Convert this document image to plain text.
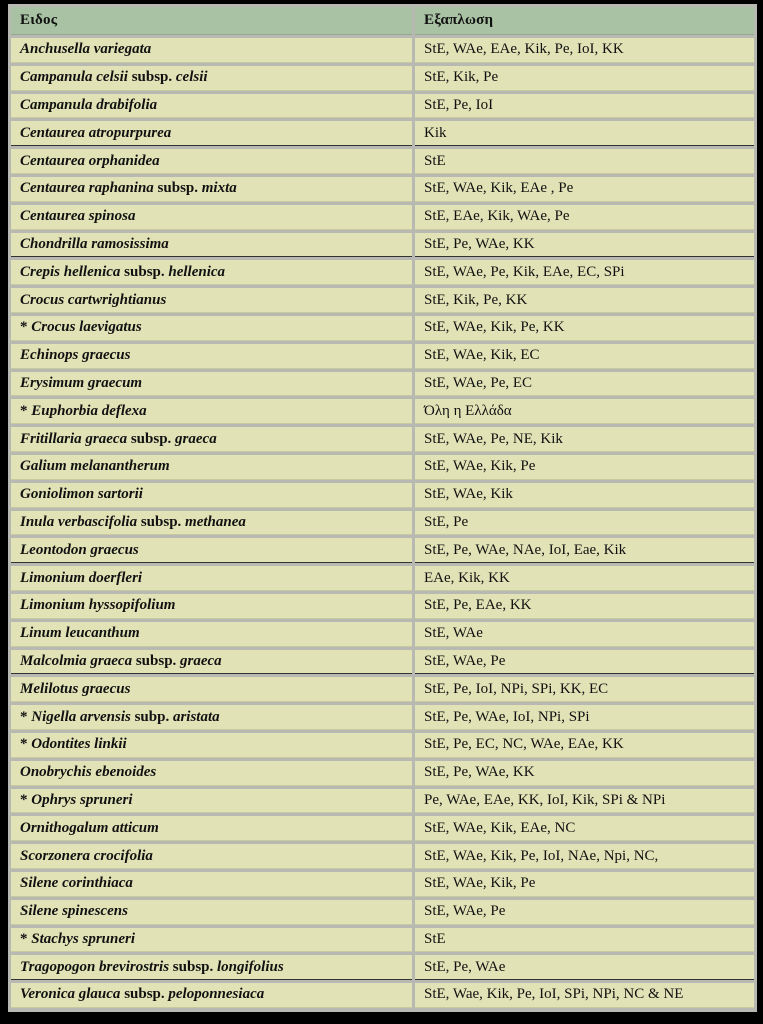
Ειδος	Εξαπλωση
Anchusella variegata	StE, WAe, EAe, Kik, Pe, IoI, KK
Campanula celsii subsp. celsii	StE, Kik, Pe
Campanula drabifolia	StE, Pe, IoI
Centaurea atropurpurea	Kik
Centaurea orphanidea	StE
Centaurea raphanina subsp. mixta	StE, WAe, Kik, EAe , Pe
Centaurea spinosa	StE, EAe, Kik, WAe, Pe
Chondrilla ramosissima	StE, Pe, WAe, KK
Crepis hellenica subsp. hellenica	StE, WAe, Pe, Kik, EAe, EC, SPi
Crocus cartwrightianus	StE, Kik, Pe, KK
* Crocus laevigatus	StE, WAe, Kik, Pe, KK
Echinops graecus	StE, WAe, Kik, EC
Erysimum graecum	StE, WAe, Pe, EC
* Euphorbia deflexa	Όλη η Ελλάδα
Fritillaria graeca subsp. graeca	StE, WAe, Pe, NE, Kik
Galium melanantherum	StE, WAe, Kik, Pe
Goniolimon sartorii	StE, WAe, Kik
Inula verbascifolia subsp. methanea	StE, Pe
Leontodon graecus	StE, Pe, WAe, NAe, IoI, Eae, Kik
Limonium doerfleri	EAe, Kik, KK
Limonium hyssopifolium	StE, Pe, EAe, KK
Linum leucanthum	StE, WAe
Malcolmia graeca subsp. graeca	StE, WAe, Pe
Melilotus graecus	StE, Pe, IoI, NPi, SPi, KK, EC
* Nigella arvensis subp. aristata	StE, Pe, WAe, IoI, NPi, SPi
* Odontites linkii	StE, Pe, EC, NC, WAe, EAe, KK
Onobrychis ebenoides	StE, Pe, WAe, KK
* Ophrys spruneri	Pe, WAe, EAe, KK, IoI, Kik, SPi & NPi
Ornithogalum atticum	StE, WAe, Kik, EAe, NC
Scorzonera crocifolia	StE, WAe, Kik, Pe, IoI, NAe, Npi, NC,
Silene corinthiaca	StE, WAe, Kik, Pe
Silene spinescens	StE, WAe, Pe
* Stachys spruneri	StE
Tragopogon brevirostris subsp. longifolius	StE, Pe, WAe
Veronica glauca subsp. peloponnesiaca	StE, Wae, Kik, Pe, IoI, SPi, NPi, NC & NE
